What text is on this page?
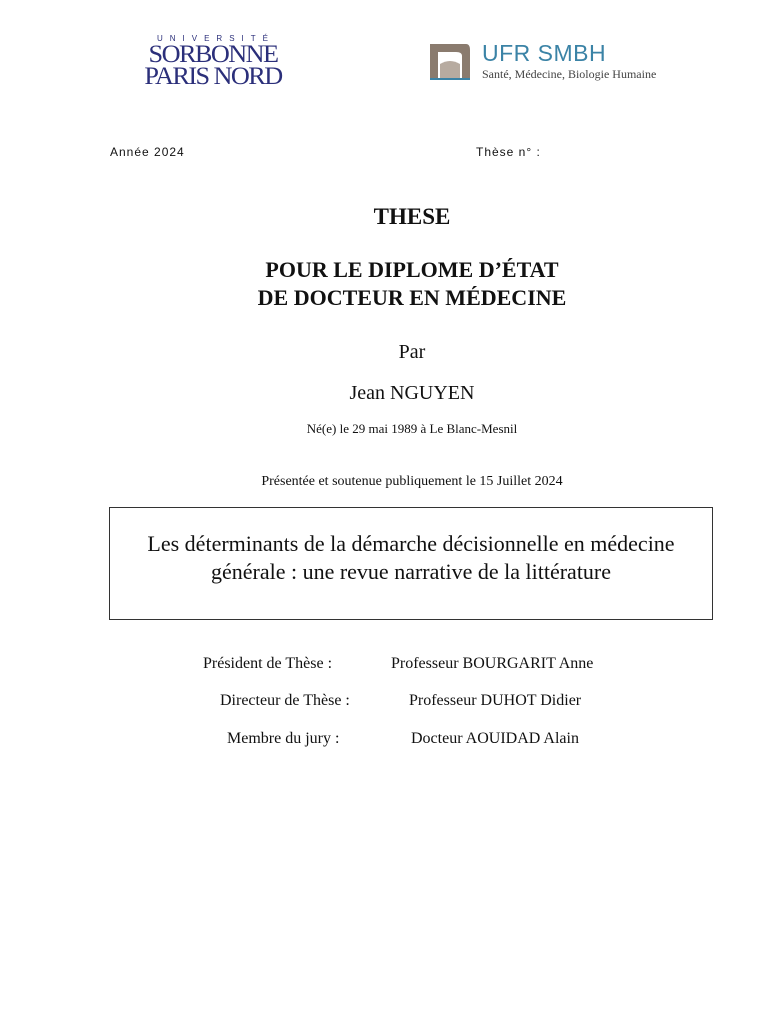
UNIVERSITÉ
SORBONNE
PARIS NORD
UFR SMBH
Santé, Médecine, Biologie Humaine
Année 2024	Thèse n° :
THESE
POUR LE DIPLOME D’ÉTAT
DE DOCTEUR EN MÉDECINE
Par
Jean NGUYEN
Né(e) le 29 mai 1989 à Le Blanc-Mesnil
Présentée et soutenue publiquement le 15 Juillet 2024
Les déterminants de la démarche décisionnelle en médecine
générale : une revue narrative de la littérature
Président de Thèse :	Professeur BOURGARIT Anne
Directeur de Thèse :	Professeur DUHOT Didier
Membre du jury :	Docteur AOUIDAD Alain
